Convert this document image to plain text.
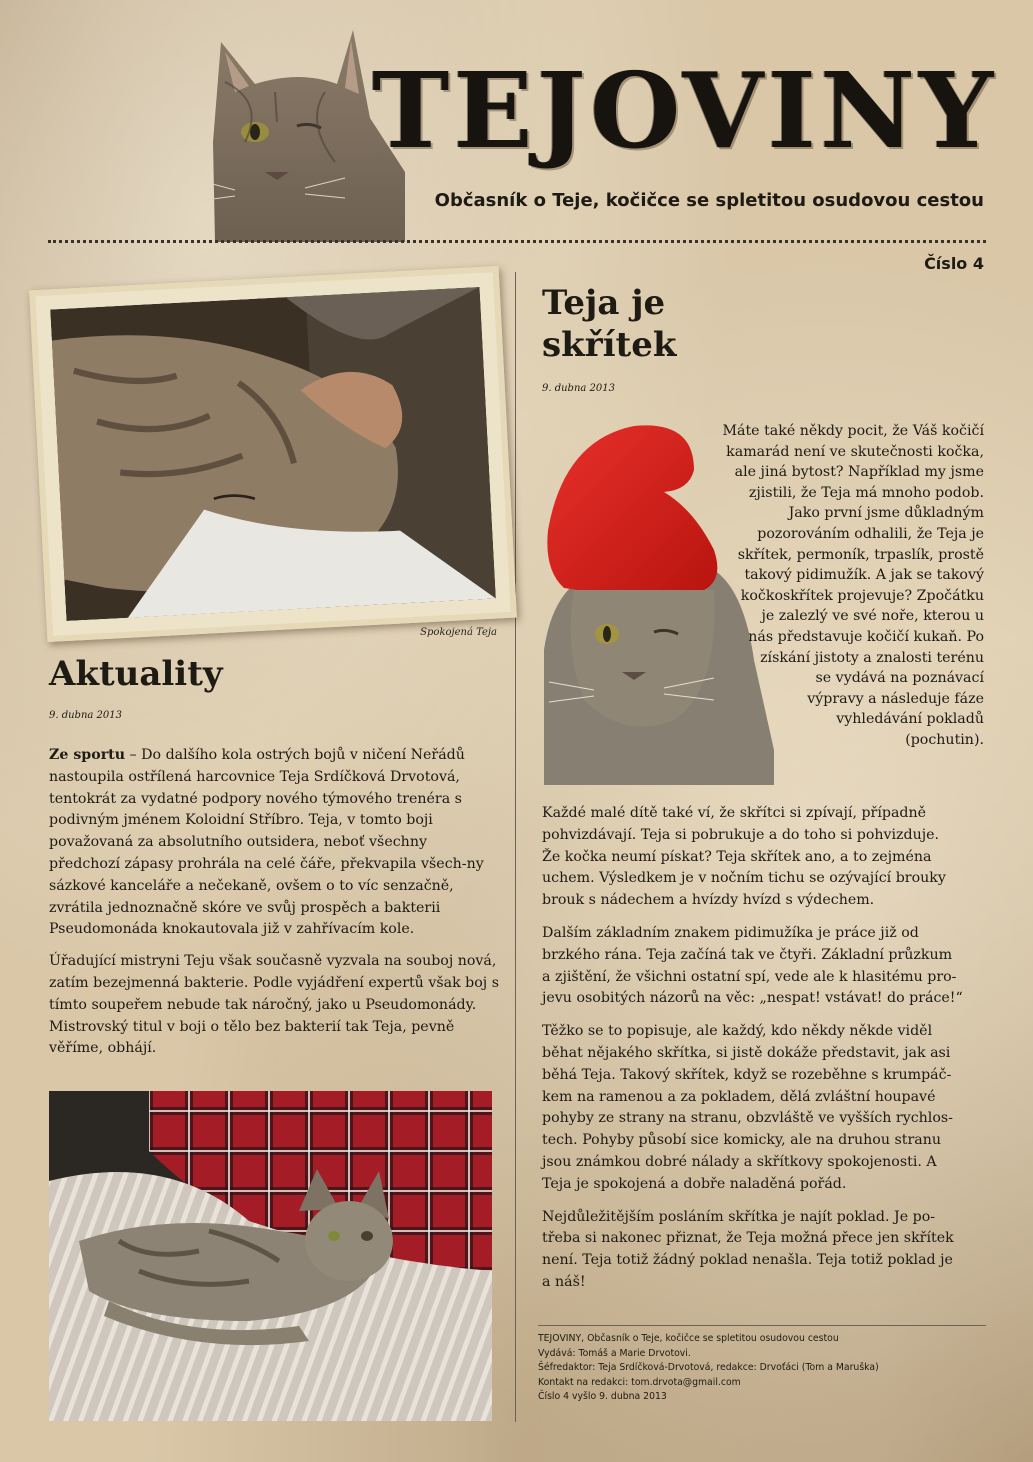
TEJOVINY
Občasník o Teje, kočičce se spletitou osudovou cestou
Číslo 4
Spokojená Teja
Aktuality
9. dubna 2013

Ze sportu – Do dalšího kola ostrých bojů v ničení Neřádů nastoupila ostřílená harcovnice Teja Srdíčková Drvotová, tentokrát za vydatné podpory nového týmového trenéra s podivným jménem Koloidní Stříbro. Teja, v tomto boji považovaná za absolutního outsidera, neboť všechny předchozí zápasy prohrála na celé čáře, překvapila všech-ny sázkové kanceláře a nečekaně, ovšem o to víc senzačně, zvrátila jednoznačně skóre ve svůj prospěch a bakterii Pseudomonáda knokautovala již v zahřívacím kole.

Úřadující mistryni Teju však současně vyzvala na souboj nová, zatím bezejmenná bakterie. Podle vyjádření expertů však boj s tímto soupeřem nebude tak náročný, jako u Pseudomonády. Mistrovský titul v boji o tělo bez bakterií tak Teja, pevně věříme, obhájí.

Teja je
skřítek
9. dubna 2013
Máte také někdy pocit, že Váš kočičí
kamarád není ve skutečnosti kočka,
ale jiná bytost? Například my jsme
zjistili, že Teja má mnoho podob.
Jako první jsme důkladným
pozorováním odhalili, že Teja je
skřítek, permoník, trpaslík, prostě
takový pidimužík. A jak se takový
kočkoskřítek projevuje? Zpočátku
je zalezlý ve své noře, kterou u
nás představuje kočičí kukaň. Po
získání jistoty a znalosti terénu
se vydává na poznávací
výpravy a následuje fáze
vyhledávání pokladů
(pochutin).

Každé malé dítě také ví, že skřítci si zpívají, případně
pohvizdávají. Teja si pobrukuje a do toho si pohvizduje.
Že kočka neumí pískat? Teja skřítek ano, a to zejména
uchem. Výsledkem je v nočním tichu se ozývající brouky
brouk s nádechem a hvízdy hvízd s výdechem.

Dalším základním znakem pidimužíka je práce již od
brzkého rána. Teja začíná tak ve čtyři. Základní průzkum
a zjištění, že všichni ostatní spí, vede ale k hlasitému pro-
jevu osobitých názorů na věc: „nespat! vstávat! do práce!“

Těžko se to popisuje, ale každý, kdo někdy někde viděl
běhat nějakého skřítka, si jistě dokáže představit, jak asi
běhá Teja. Takový skřítek, když se rozeběhne s krumpáč-
kem na ramenou a za pokladem, dělá zvláštní houpavé
pohyby ze strany na stranu, obzvláště ve vyšších rychlos-
tech. Pohyby působí sice komicky, ale na druhou stranu
jsou známkou dobré nálady a skřítkovy spokojenosti. A
Teja je spokojená a dobře naladěná pořád.

Nejdůležitějším posláním skřítka je najít poklad. Je po-
třeba si nakonec přiznat, že Teja možná přece jen skřítek
není. Teja totiž žádný poklad nenašla. Teja totiž poklad je
a náš!

TEJOVINY, Občasník o Teje, kočičce se spletitou osudovou cestou
Vydává: Tomáš a Marie Drvotovi.
Šéfredaktor: Teja Srdíčková-Drvotová, redakce: Drvoťáci (Tom a Maruška)
Kontakt na redakci: tom.drvota@gmail.com
Číslo 4 vyšlo 9. dubna 2013
